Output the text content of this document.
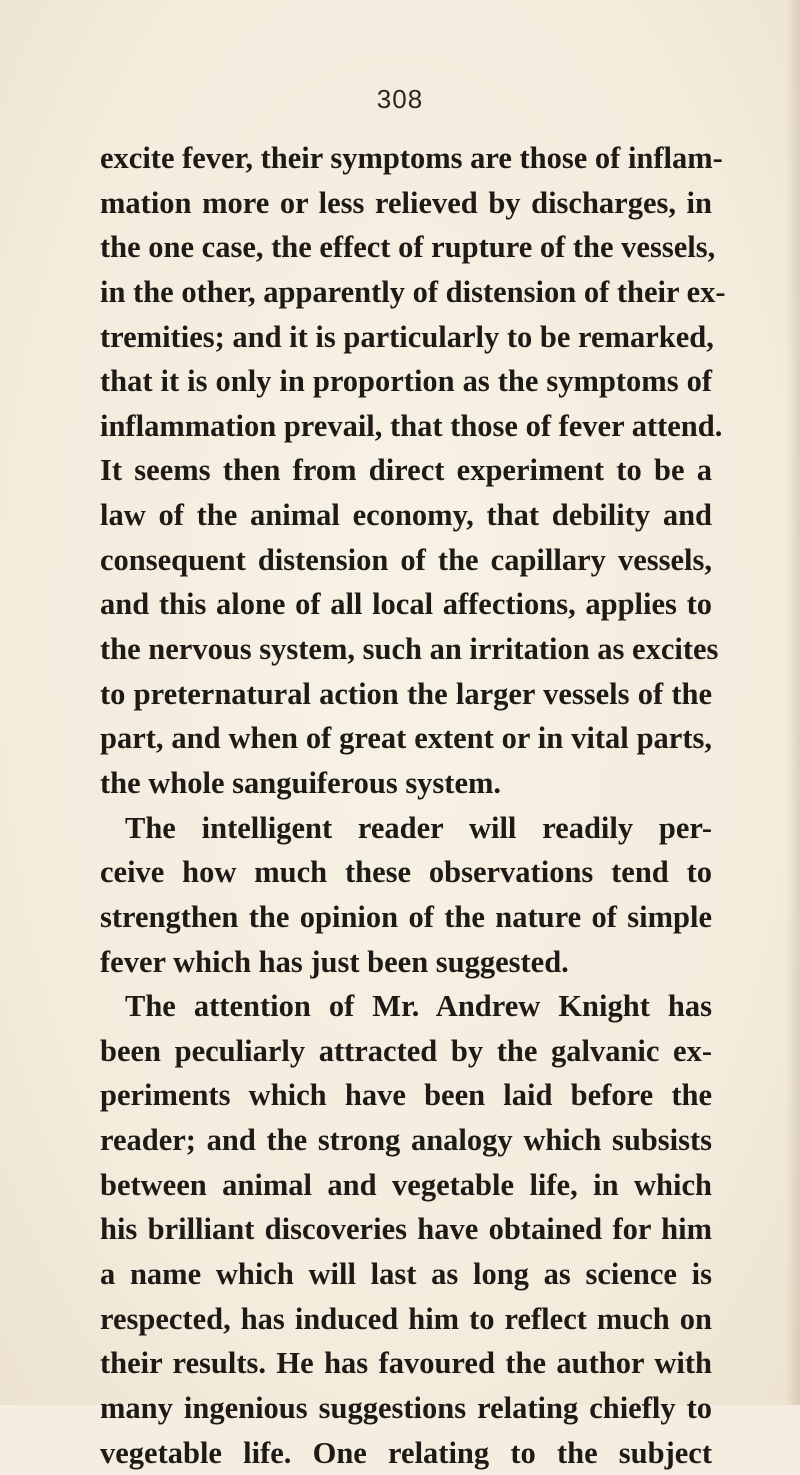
308
excite fever, their symptoms are those of inflam-
mation more or less relieved by discharges, in
the one case, the effect of rupture of the vessels,
in the other, apparently of distension of their ex-
tremities; and it is particularly to be remarked,
that it is only in proportion as the symptoms of
inflammation prevail, that those of fever attend.
It seems then from direct experiment to be a
law of the animal economy, that debility and
consequent distension of the capillary vessels,
and this alone of all local affections, applies to
the nervous system, such an irritation as excites
to preternatural action the larger vessels of the
part, and when of great extent or in vital parts,
the whole sanguiferous system.
The intelligent reader will readily per-
ceive how much these observations tend to
strengthen the opinion of the nature of simple
fever which has just been suggested.
The attention of Mr. Andrew Knight has
been peculiarly attracted by the galvanic ex-
periments which have been laid before the
reader; and the strong analogy which subsists
between animal and vegetable life, in which
his brilliant discoveries have obtained for him
a name which will last as long as science is
respected, has induced him to reflect much on
their results. He has favoured the author with
many ingenious suggestions relating chiefly to
vegetable life. One relating to the subject
